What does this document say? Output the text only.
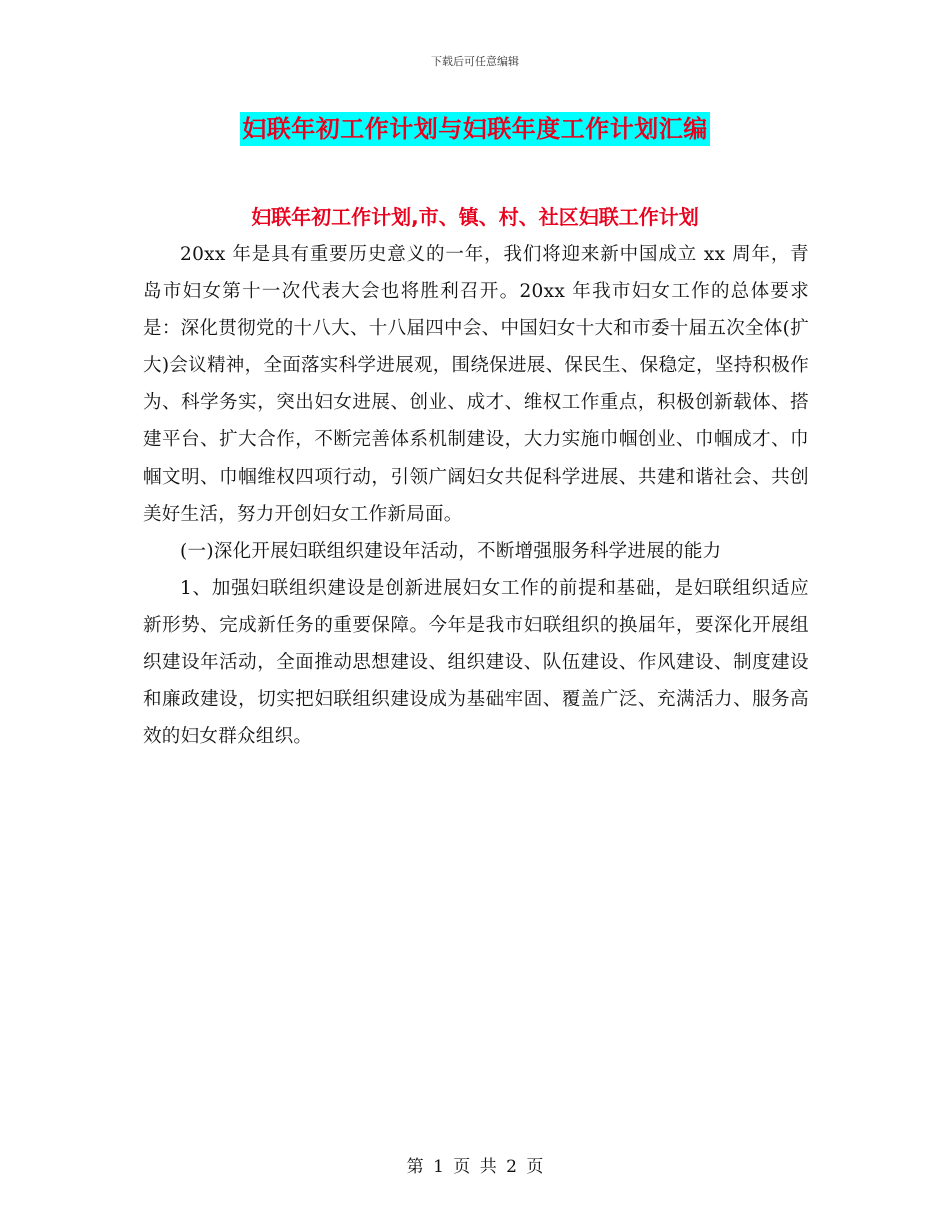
下载后可任意编辑
妇联年初工作计划与妇联年度工作计划汇编
妇联年初工作计划,市、镇、村、社区妇联工作计划

20xx 年是具有重要历史意义的一年，我们将迎来新中国成立 xx 周年，青岛市妇女第十一次代表大会也将胜利召开。20xx 年我市妇女工作的总体要求是：深化贯彻党的十八大、十八届四中会、中国妇女十大和市委十届五次全体(扩大)会议精神，全面落实科学进展观，围绕保进展、保民生、保稳定，坚持积极作为、科学务实，突出妇女进展、创业、成才、维权工作重点，积极创新载体、搭建平台、扩大合作，不断完善体系机制建设，大力实施巾帼创业、巾帼成才、巾帼文明、巾帼维权四项行动，引领广阔妇女共促科学进展、共建和谐社会、共创美好生活，努力开创妇女工作新局面。

(一)深化开展妇联组织建设年活动，不断增强服务科学进展的能力

1、加强妇联组织建设是创新进展妇女工作的前提和基础，是妇联组织适应新形势、完成新任务的重要保障。今年是我市妇联组织的换届年，要深化开展组织建设年活动，全面推动思想建设、组织建设、队伍建设、作风建设、制度建设和廉政建设，切实把妇联组织建设成为基础牢固、覆盖广泛、充满活力、服务高效的妇女群众组织。

第 1 页 共 2 页
